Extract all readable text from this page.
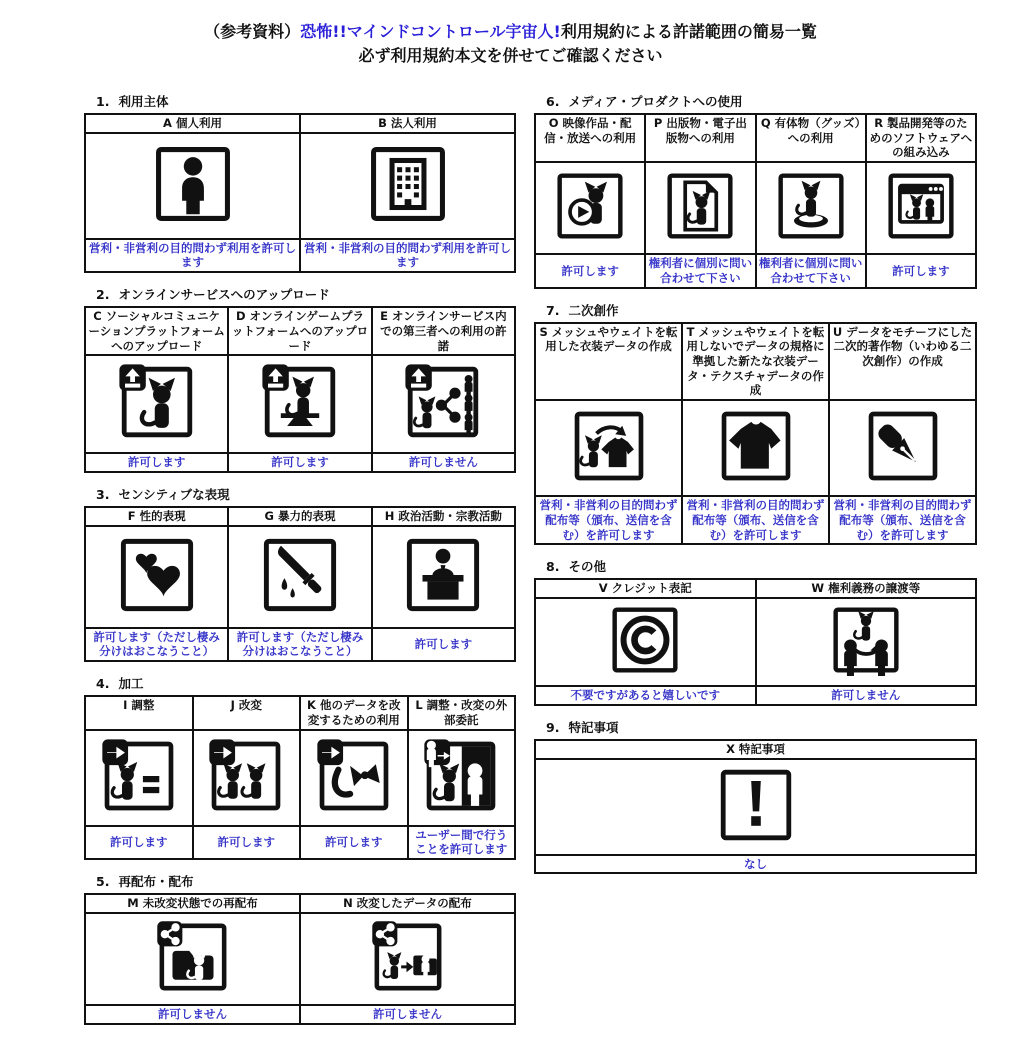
（参考資料）恐怖!!マインドコントロール宇宙人!利用規約による許諾範囲の簡易一覧
必ず利用規約本文を併せてご確認ください
1. 利用主体
A 個人利用	B 法人利用

営利・非営利の目的問わず利用を許可します	営利・非営利の目的問わず利用を許可します
2. オンラインサービスへのアップロード
C ソーシャルコミュニケーションプラットフォームへのアップロード	D オンラインゲームプラットフォームへのアップロード	E オンラインサービス内での第三者への利用の許諾

許可します	許可します	許可しません
3. センシティブな表現
F 性的表現	G 暴力的表現	H 政治活動・宗教活動

許可します（ただし棲み分けはおこなうこと）	許可します（ただし棲み分けはおこなうこと）	許可します
4. 加工
I 調整	J 改変	K 他のデータを改変するための利用	L 調整・改変の外部委託

許可します	許可します	許可します	ユーザー間で行うことを許可します
5. 再配布・配布
M 未改変状態での再配布	N 改変したデータの配布

許可しません	許可しません
6. メディア・プロダクトへの使用
O 映像作品・配信・放送への利用	P 出版物・電子出版物への利用	Q 有体物（グッズ）への利用	R 製品開発等のためのソフトウェアへの組み込み

許可します	権利者に個別に問い合わせて下さい	権利者に個別に問い合わせて下さい	許可します
7. 二次創作
S メッシュやウェイトを転用した衣装データの作成	T メッシュやウェイトを転用しないでデータの規格に準拠した新たな衣装データ・テクスチャデータの作成	U データをモチーフにした二次的著作物（いわゆる二次創作）の作成

営利・非営利の目的問わず配布等（頒布、送信を含む）を許可します	営利・非営利の目的問わず配布等（頒布、送信を含む）を許可します	営利・非営利の目的問わず配布等（頒布、送信を含む）を許可します
8. その他
V クレジット表記	W 権利義務の譲渡等

不要ですがあると嬉しいです	許可しません
9. 特記事項
X 特記事項

なし
